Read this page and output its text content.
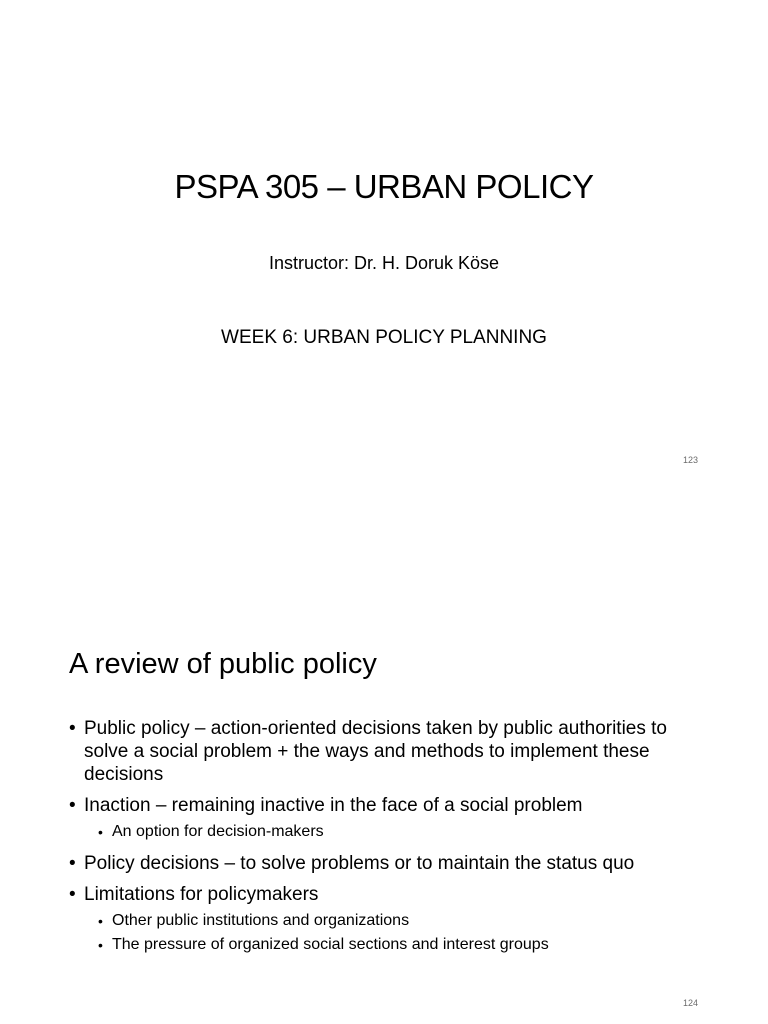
PSPA 305 – URBAN POLICY

Instructor: Dr. H. Doruk Köse

WEEK 6: URBAN POLICY PLANNING

123
A review of public policy
• Public policy – action-oriented decisions taken by public authorities to solve a social problem + the ways and methods to implement these decisions
• Inaction – remaining inactive in the face of a social problem
• An option for decision-makers
• Policy decisions – to solve problems or to maintain the status quo
• Limitations for policymakers
• Other public institutions and organizations
• The pressure of organized social sections and interest groups
124
